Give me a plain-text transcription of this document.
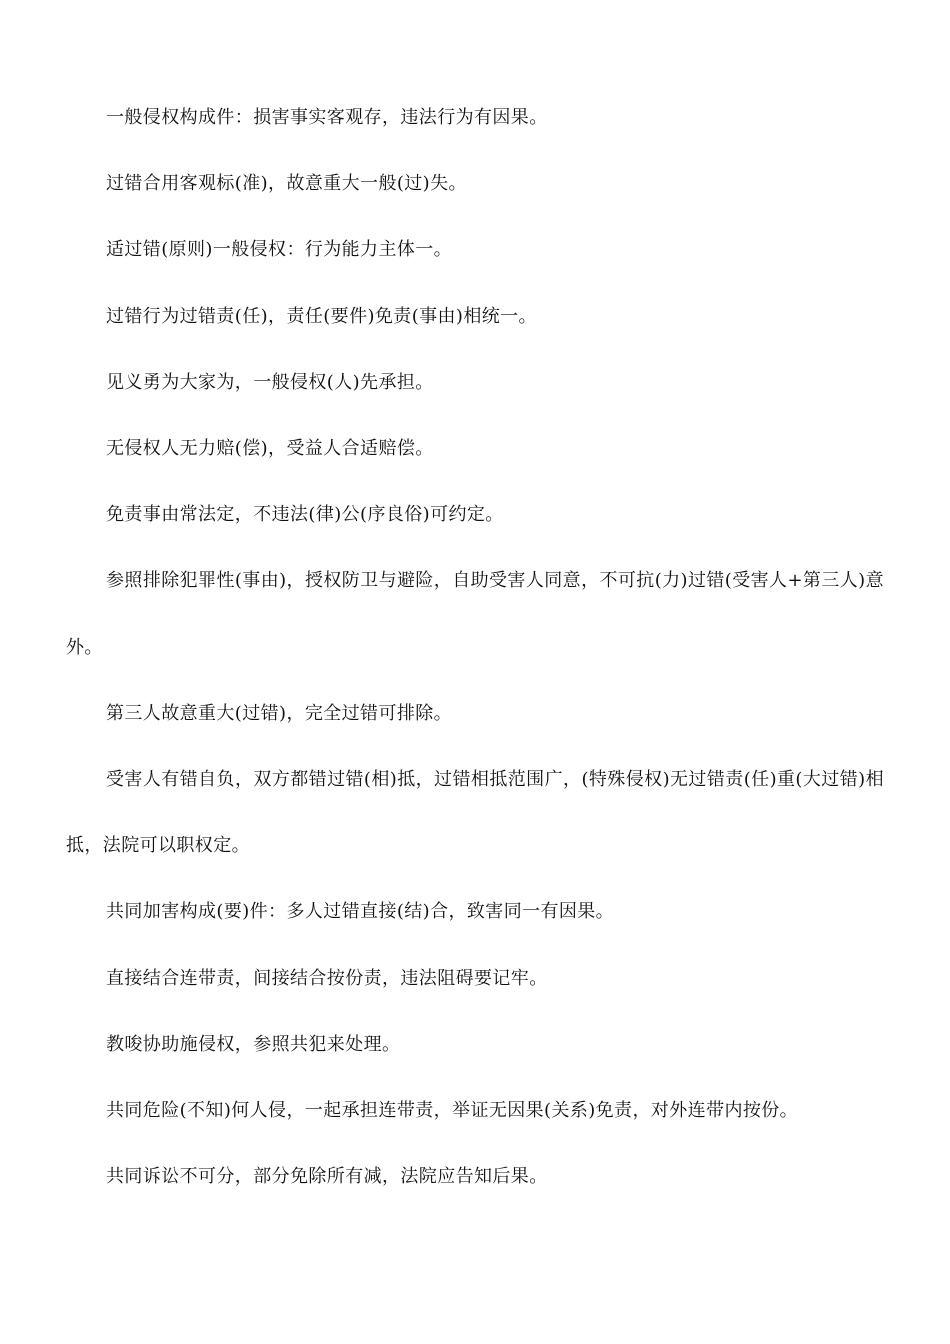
一般侵权构成件：损害事实客观存，违法行为有因果。

过错合用客观标(准)，故意重大一般(过)失。

适过错(原则)一般侵权：行为能力主体一。

过错行为过错责(任)，责任(要件)免责(事由)相统一。

见义勇为大家为，一般侵权(人)先承担。

无侵权人无力赔(偿)，受益人合适赔偿。

免责事由常法定，不违法(律)公(序良俗)可约定。

参照排除犯罪性(事由)，授权防卫与避险，自助受害人同意，不可抗(力)过错(受害人+第三人)意外。

第三人故意重大(过错)，完全过错可排除。

受害人有错自负，双方都错过错(相)抵，过错相抵范围广，(特殊侵权)无过错责(任)重(大过错)相抵，法院可以职权定。

共同加害构成(要)件：多人过错直接(结)合，致害同一有因果。

直接结合连带责，间接结合按份责，违法阻碍要记牢。

教唆协助施侵权，参照共犯来处理。

共同危险(不知)何人侵，一起承担连带责，举证无因果(关系)免责，对外连带内按份。

共同诉讼不可分，部分免除所有减，法院应告知后果。
